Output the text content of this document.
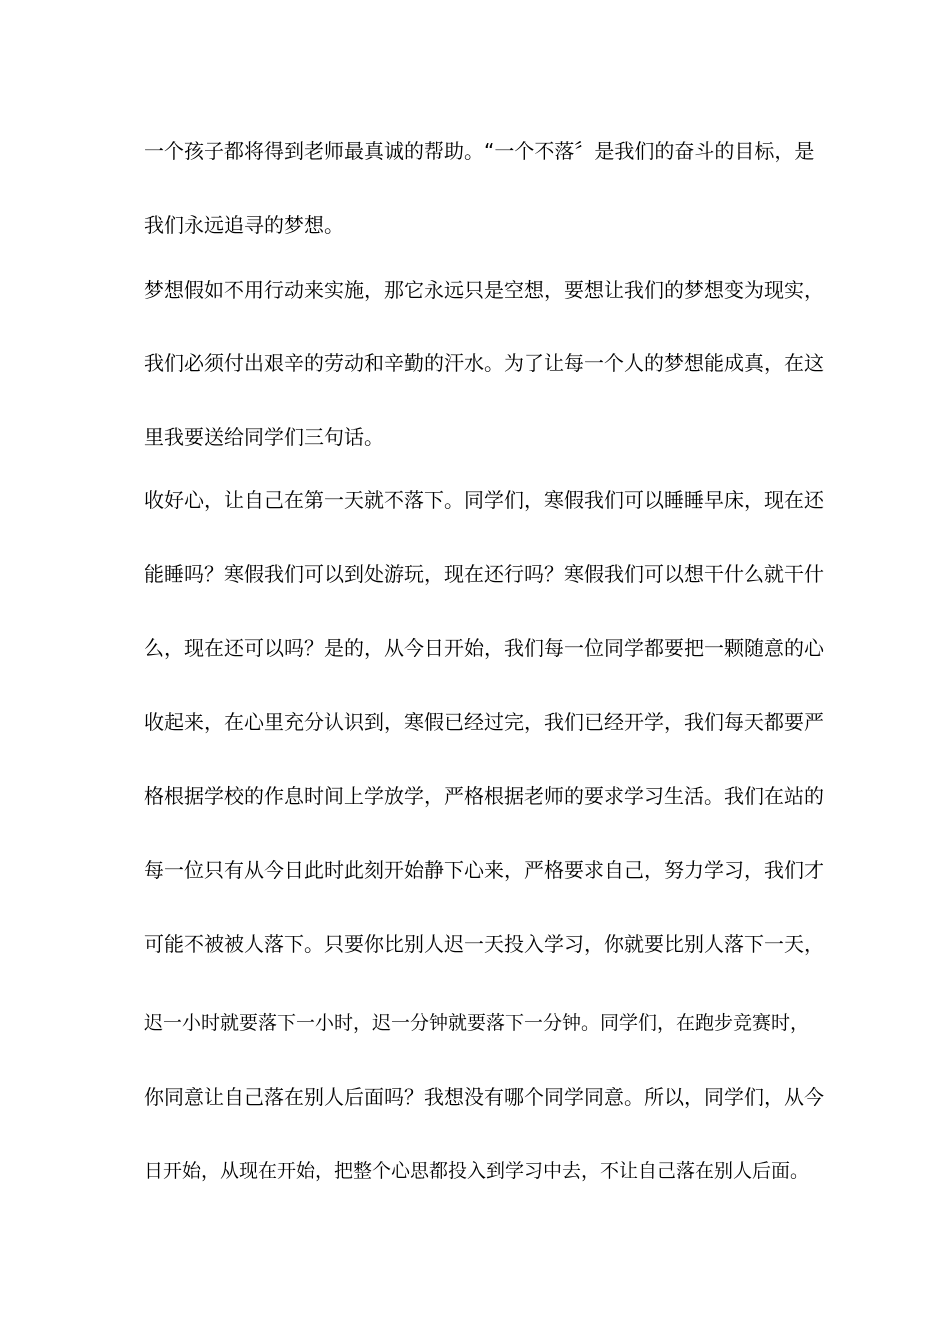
一个孩子都将得到老师最真诚的帮助。“一个不落〞是我们的奋斗的目标，是
我们永远追寻的梦想。
梦想假如不用行动来实施，那它永远只是空想，要想让我们的梦想变为现实，
我们必须付出艰辛的劳动和辛勤的汗水。为了让每一个人的梦想能成真，在这
里我要送给同学们三句话。
收好心，让自己在第一天就不落下。同学们，寒假我们可以睡睡早床，现在还
能睡吗？寒假我们可以到处游玩，现在还行吗？寒假我们可以想干什么就干什
么，现在还可以吗？是的，从今日开始，我们每一位同学都要把一颗随意的心
收起来，在心里充分认识到，寒假已经过完，我们已经开学，我们每天都要严
格根据学校的作息时间上学放学，严格根据老师的要求学习生活。我们在站的
每一位只有从今日此时此刻开始静下心来，严格要求自己，努力学习，我们才
可能不被被人落下。只要你比别人迟一天投入学习，你就要比别人落下一天，
迟一小时就要落下一小时，迟一分钟就要落下一分钟。同学们，在跑步竞赛时，
你同意让自己落在别人后面吗？我想没有哪个同学同意。所以，同学们，从今
日开始，从现在开始，把整个心思都投入到学习中去，不让自己落在别人后面。
